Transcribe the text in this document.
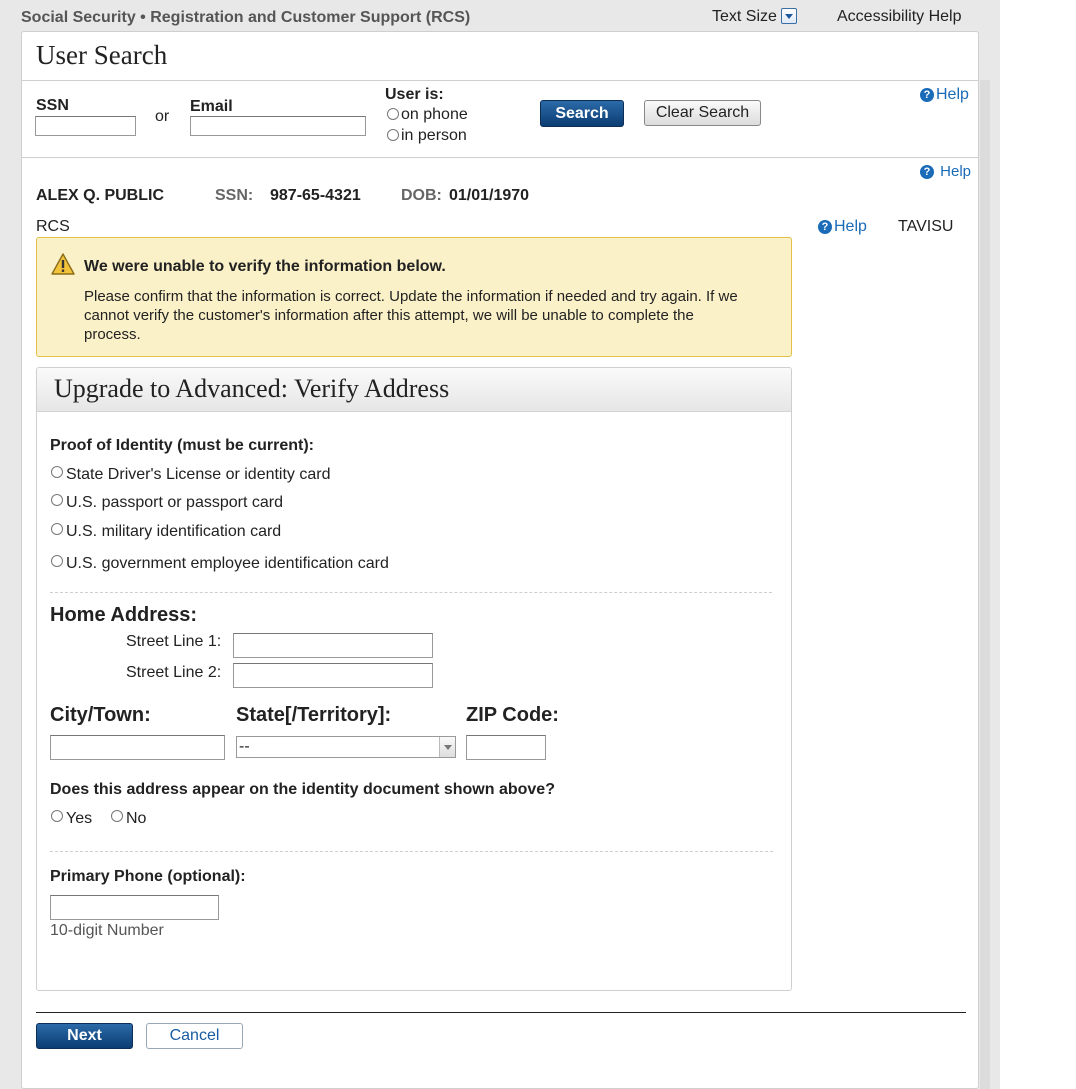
Social Security • Registration and Customer Support (RCS)	Text Size	Accessibility Help
User Search
SSN
or
Email
User is:
on phone
in person
Search	Clear Search
? Help
? Help
ALEX Q. PUBLIC	SSN: 987-65-4321	DOB: 01/01/1970
RCS	? Help TAVISU
We were unable to verify the information below.
Please confirm that the information is correct. Update the information if needed and try again. If we cannot verify the customer's information after this attempt, we will be unable to complete the process.
Upgrade to Advanced: Verify Address
Proof of Identity (must be current):
State Driver's License or identity card
U.S. passport or passport card
U.S. military identification card
U.S. government employee identification card
Home Address:
Street Line 1:
Street Line 2:
City/Town:	State[/Territory]:	ZIP Code:
--
Does this address appear on the identity document shown above?
Yes No
Primary Phone (optional):
10-digit Number
Next	Cancel
